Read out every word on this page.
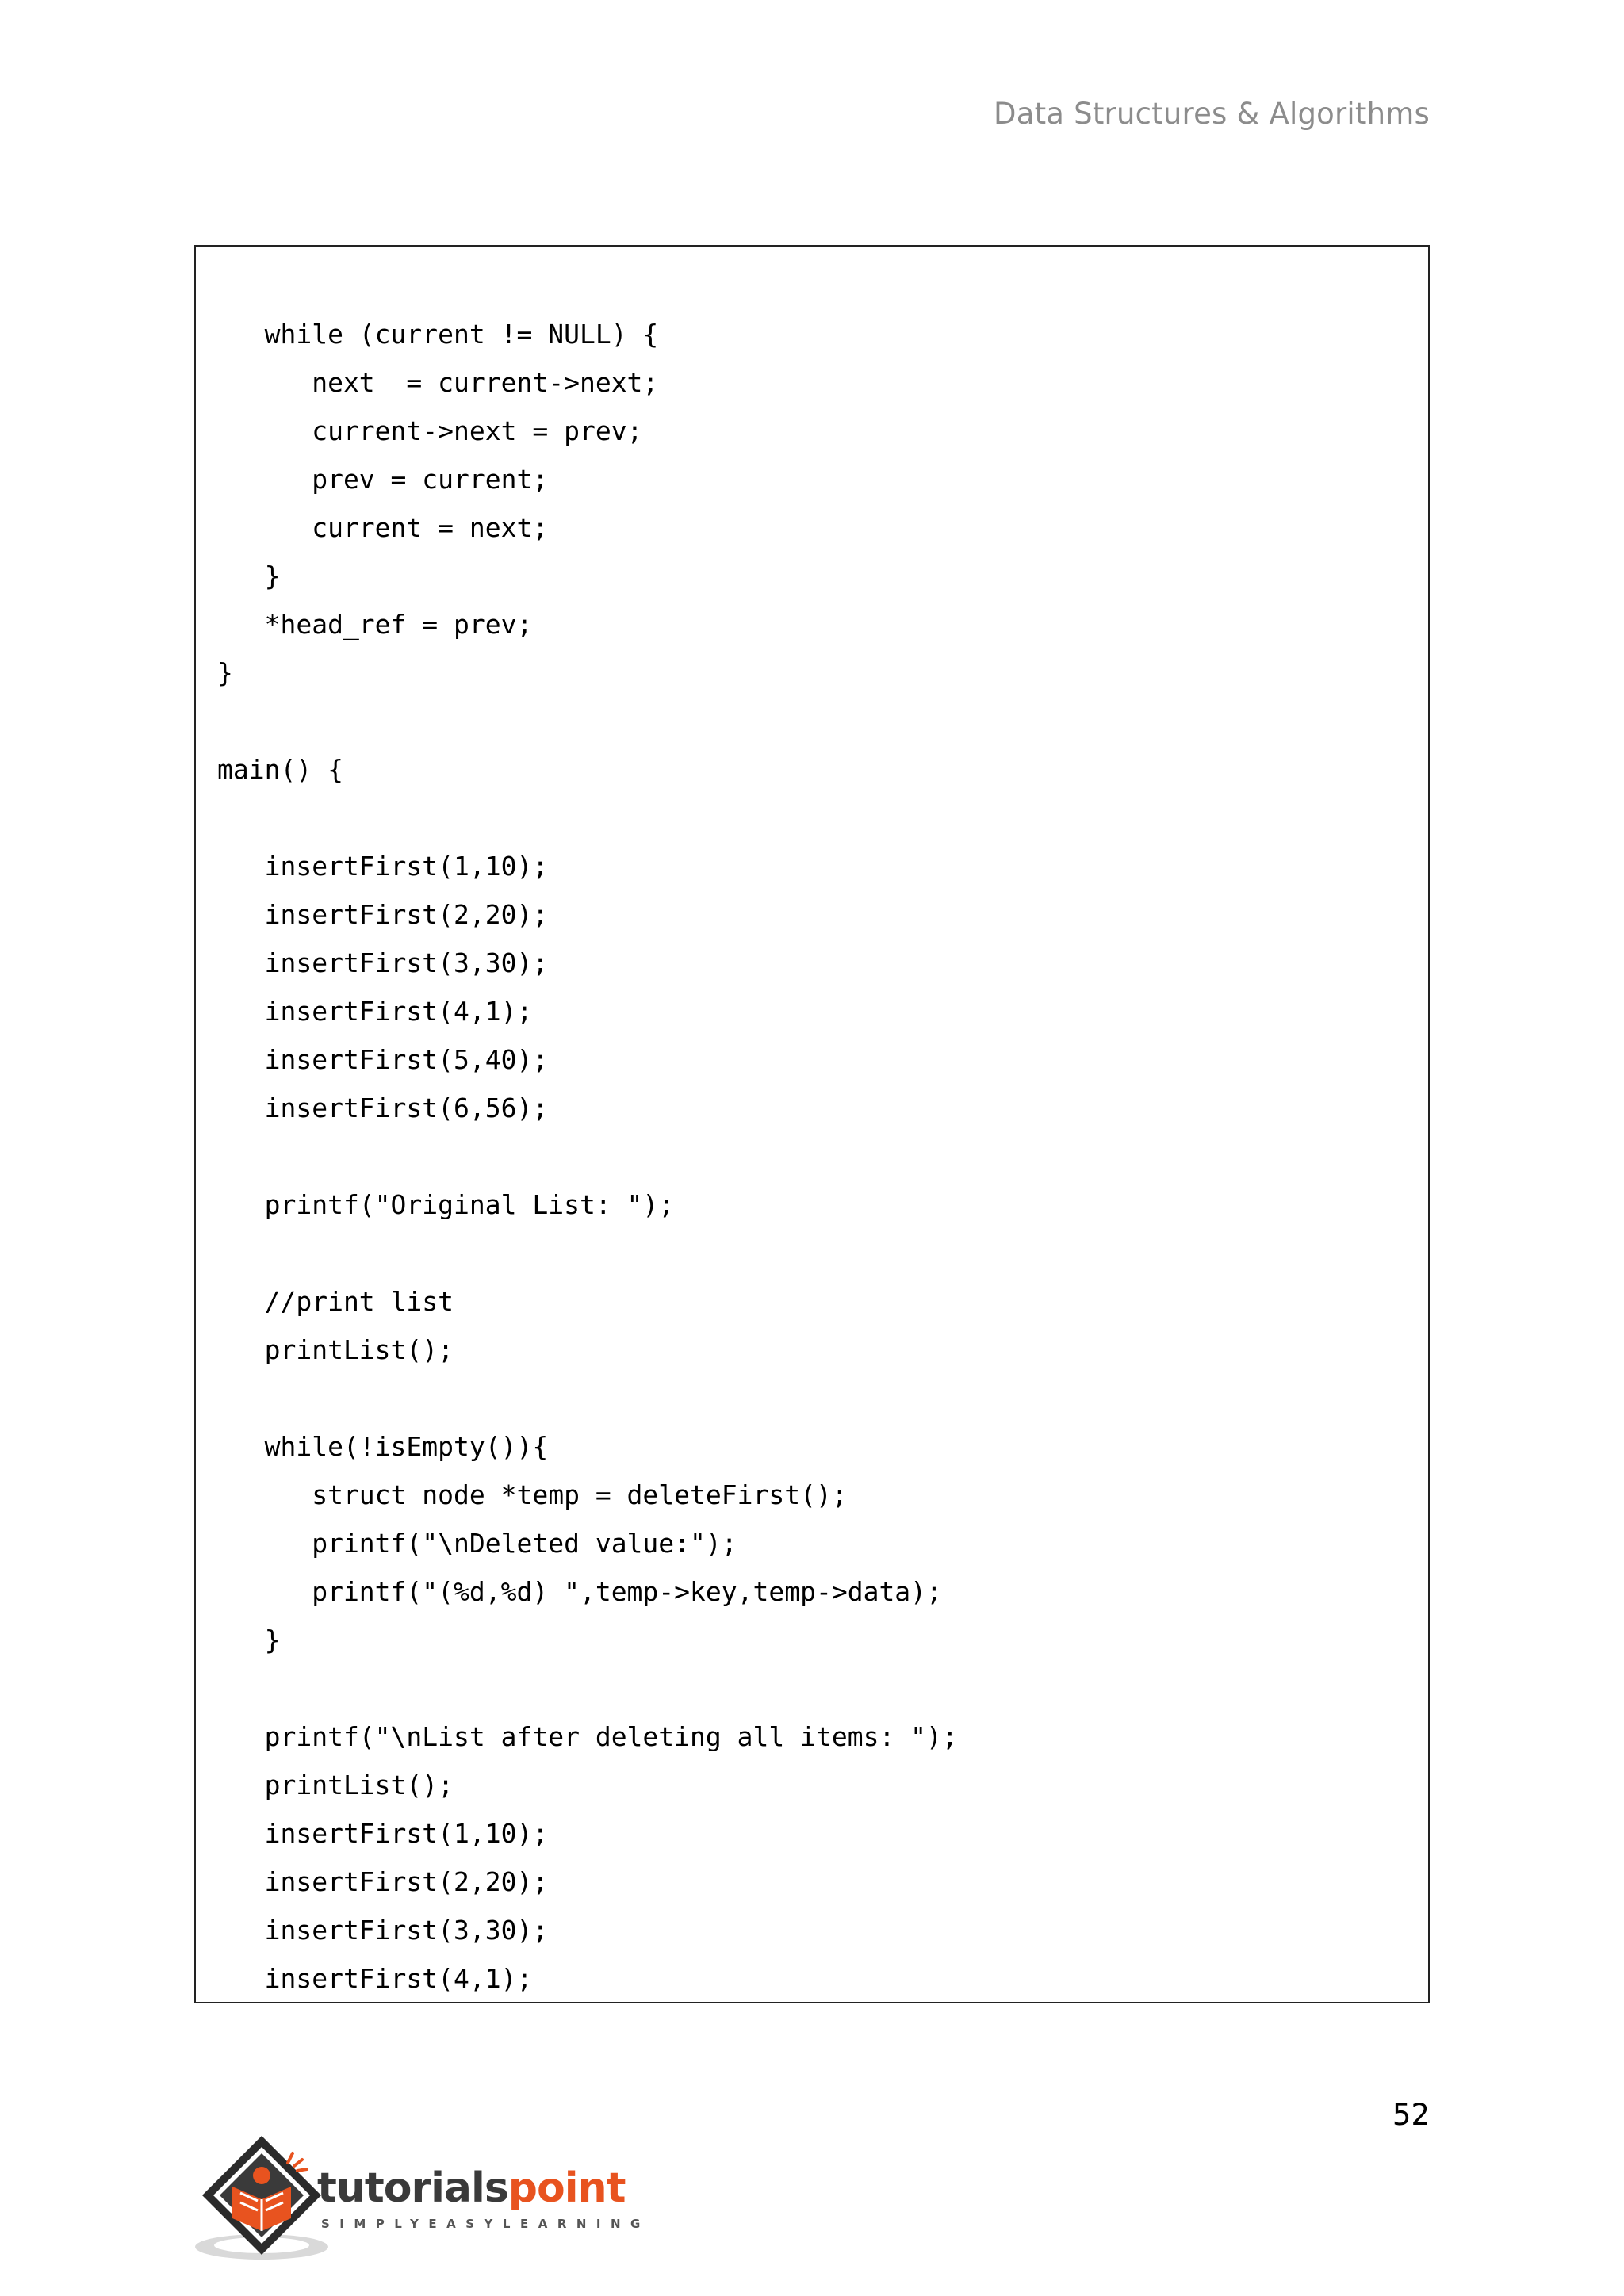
Data Structures & Algorithms
while (current != NULL) {
next  = current->next;
current->next = prev;
prev = current;
current = next;
}
*head_ref = prev;
}
main() {
insertFirst(1,10);
insertFirst(2,20);
insertFirst(3,30);
insertFirst(4,1);
insertFirst(5,40);
insertFirst(6,56);
printf("Original List: ");
//print list
printList();
while(!isEmpty()){
struct node *temp = deleteFirst();
printf("\nDeleted value:");
printf("(%d,%d) ",temp->key,temp->data);
}
printf("\nList after deleting all items: ");
printList();
insertFirst(1,10);
insertFirst(2,20);
insertFirst(3,30);
insertFirst(4,1);
52
tutorialspoint
SIMPLYEASYLEARNING
